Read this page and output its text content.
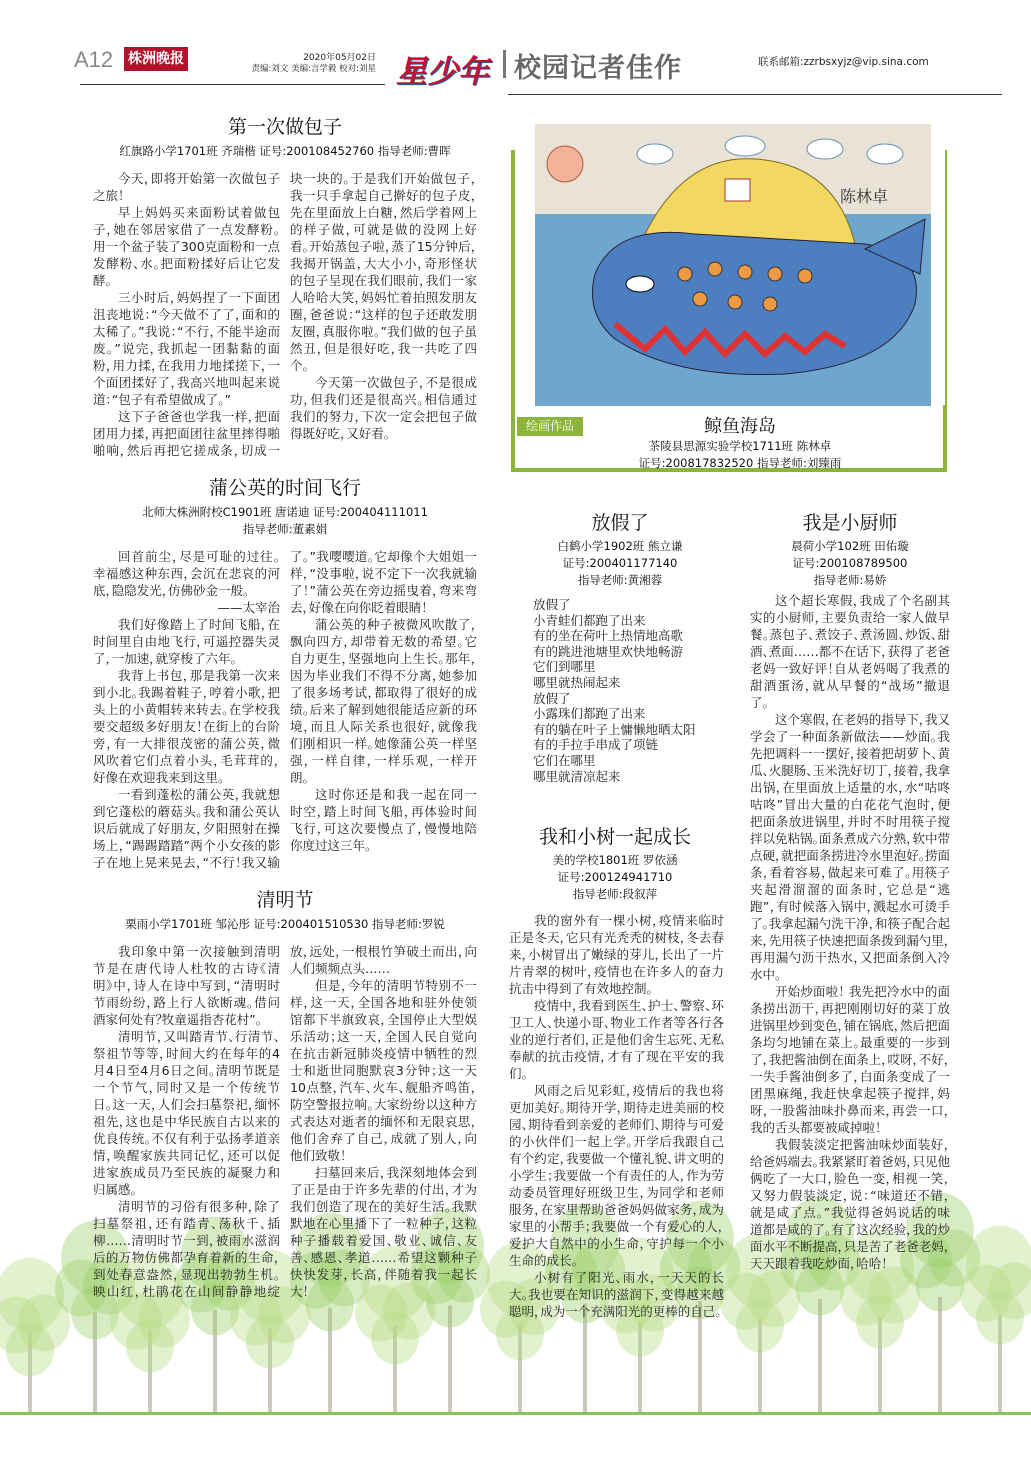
A12 株洲晚报	2020年05月02日
责编:刘文 美编:言学毅 校对:刘星 星少年 校园记者佳作	联系邮箱:zzrbsxyjz@vip.sina.com
第一次做包子
红旗路小学1701班 齐瑞楷 证号:200108452760 指导老师:曹晖

今天，即将开始第一次做包子之旅！

早上妈妈买来面粉试着做包子，她在邻居家借了一点发酵粉。用一个盆子装了300克面粉和一点发酵粉、水。把面粉揉好后让它发酵。

三小时后，妈妈捏了一下面团沮丧地说：“今天做不了了，面和的太稀了。”我说：“不行，不能半途而废。”说完，我抓起一团黏黏的面粉，用力揉，在我用力地揉搓下，一个面团揉好了，我高兴地叫起来说道：“包子有希望做成了。”

这下子爸爸也学我一样，把面团用力揉，再把面团往盆里摔得啪啪响，然后再把它搓成条，切成一块一块的。于是我们开始做包子，我一只手拿起自己擀好的包子皮，先在里面放上白糖，然后学着网上的样子做，可就是做的没网上好看。开始蒸包子啦，蒸了15分钟后，我揭开锅盖，大大小小，奇形怪状的包子呈现在我们眼前，我们一家人哈哈大笑，妈妈忙着拍照发朋友圈，爸爸说：“这样的包子还敢发朋友圈，真服你啦。”我们做的包子虽然丑，但是很好吃，我一共吃了四个。

今天第一次做包子，不是很成功，但我们还是很高兴。相信通过我们的努力，下次一定会把包子做得既好吃，又好看。

蒲公英的时间飞行
北师大株洲附校C1901班 唐诺迪 证号:200404111011
指导老师:董素娟

回首前尘，尽是可耻的过往。幸福感这种东西，会沉在悲哀的河底，隐隐发光，仿佛砂金一般。

——太宰治

我们好像踏上了时间飞船，在时间里自由地飞行，可遥控器失灵了，一加速，就穿梭了六年。

我背上书包，那是我第一次来到小北。我踢着鞋子，哼着小歌，把头上的小黄帽转来转去。在学校我要交超级多好朋友！在街上的台阶旁，有一大排很茂密的蒲公英，微风吹着它们点着小头，毛茸茸的，好像在欢迎我来到这里。

一看到蓬松的蒲公英，我就想到它蓬松的蘑菇头。我和蒲公英认识后就成了好朋友，夕阳照射在操场上，“踢踢踏踏”两个小女孩的影子在地上晃来晃去，“不行！我又输了。”我嘤嘤道。它却像个大姐姐一样，“没事啦，说不定下一次我就输了！”蒲公英在旁边摇曳着，弯来弯去，好像在向你眨着眼睛！

蒲公英的种子被微风吹散了，飘向四方，却带着无数的希望。它自力更生，坚强地向上生长。那年，因为毕业我们不得不分离，她参加了很多场考试，都取得了很好的成绩。后来了解到她很能适应新的环境，而且人际关系也很好，就像我们刚相识一样。她像蒲公英一样坚强，一样自律，一样乐观，一样开朗。

这时你还是和我一起在同一时空，踏上时间飞船，再体验时间飞行，可这次要慢点了，慢慢地陪你度过这三年。

清明节
栗雨小学1701班 邹沁彤 证号:200401510530 指导老师:罗锐

我印象中第一次接触到清明节是在唐代诗人杜牧的古诗《清明》中，诗人在诗中写到，“清明时节雨纷纷，路上行人欲断魂。借问酒家何处有？牧童遥指杏花村”。

清明节，又叫踏青节、行清节、祭祖节等等，时间大约在每年的4月4日至4月6日之间。清明节既是一个节气，同时又是一个传统节日。这一天，人们会扫墓祭祀，缅怀祖先，这也是中华民族自古以来的优良传统。不仅有利于弘扬孝道亲情，唤醒家族共同记忆，还可以促进家族成员乃至民族的凝聚力和归属感。

清明节的习俗有很多种，除了扫墓祭祖，还有踏青、荡秋千、插柳……清明时节一到，被雨水滋润后的万物仿佛都孕育着新的生命，到处春意盎然，显现出勃勃生机。映山红，杜鹃花在山间静静地绽放，远处，一根根竹笋破土而出，向人们频频点头……

但是，今年的清明节特别不一样，这一天，全国各地和驻外使领馆都下半旗致哀，全国停止大型娱乐活动；这一天，全国人民自觉向在抗击新冠肺炎疫情中牺牲的烈士和逝世同胞默哀3分钟；这一天10点整，汽车、火车、舰船齐鸣笛，防空警报拉响。大家纷纷以这种方式表达对逝者的缅怀和无限哀思，他们舍弃了自己，成就了别人，向他们致敬！

扫墓回来后，我深刻地体会到了正是由于许多先辈的付出，才为我们创造了现在的美好生活。我默默地在心里播下了一粒种子，这粒种子播载着爱国、敬业、诚信、友善、感恩、孝道……希望这颗种子快快发芽，长高，伴随着我一起长大！

陈林卓
绘画作品	鲸鱼海岛
茶陵县思源实验学校1711班 陈林卓
证号:200817832520 指导老师:刘臻雨
放假了
白鹤小学1902班 熊立谦
证号:200401177140
指导老师:黄湘蓉
放假了
小青蛙们都跑了出来
有的坐在荷叶上热情地高歌
有的跳进池塘里欢快地畅游
它们到哪里
哪里就热闹起来
放假了
小露珠们都跑了出来
有的躺在叶子上慵懒地晒太阳
有的手拉手串成了项链
它们在哪里
哪里就清凉起来
我和小树一起成长
美的学校1801班 罗依涵
证号:200124941710
指导老师:段叙萍

我的窗外有一棵小树，疫情来临时正是冬天，它只有光秃秃的树枝，冬去春来，小树冒出了嫩绿的芽儿，长出了一片片青翠的树叶，疫情也在许多人的奋力抗击中得到了有效地控制。

疫情中，我看到医生、护士、警察、环卫工人、快递小哥、物业工作者等各行各业的逆行者们，正是他们舍生忘死、无私奉献的抗击疫情，才有了现在平安的我们。

风雨之后见彩虹，疫情后的我也将更加美好。期待开学，期待走进美丽的校园、期待看到亲爱的老师们、期待与可爱的小伙伴们一起上学。开学后我跟自己有个约定，我要做一个懂礼貌、讲文明的小学生；我要做一个有责任的人，作为劳动委员管理好班级卫生，为同学和老师服务，在家里帮助爸爸妈妈做家务，成为家里的小帮手；我要做一个有爱心的人，爱护大自然中的小生命，守护每一个小生命的成长。

小树有了阳光、雨水，一天天的长大。我也要在知识的滋润下，变得越来越聪明，成为一个充满阳光的更棒的自己。

我是小厨师
晨荷小学102班 田佑璇
证号:200108789500
指导老师:易娇

这个超长寒假，我成了个名副其实的小厨师，主要负责给一家人做早餐。蒸包子、煮饺子、煮汤圆、炒饭、甜酒、煮面……都不在话下，获得了老爸老妈一致好评！自从老妈喝了我煮的甜酒蛋汤，就从早餐的“战场”撤退了。

这个寒假，在老妈的指导下，我又学会了一种面条新做法——炒面。我先把调料一一摆好，接着把胡萝卜、黄瓜、火腿肠、玉米洗好切丁，接着，我拿出锅，在里面放上适量的水，水“咕咚咕咚”冒出大量的白花花气泡时，便把面条放进锅里，并时不时用筷子搅拌以免粘锅。面条煮成六分熟，软中带点硬，就把面条捞进冷水里泡好。捞面条，看着容易，做起来可难了。用筷子夹起滑溜溜的面条时，它总是“逃跑”，有时候落入锅中，溅起水可烫手了。我拿起漏勺洗干净，和筷子配合起来，先用筷子快速把面条拨到漏勺里，再用漏勺沥干热水，又把面条倒入冷水中。

开始炒面啦！ 我先把冷水中的面条捞出沥干，再把刚刚切好的菜丁放进锅里炒到变色，铺在锅底，然后把面条均匀地铺在菜上。最重要的一步到了，我把酱油倒在面条上，哎呀，不好，一失手酱油倒多了，白面条变成了一团黑麻绳，我赶快拿起筷子搅拌，妈呀，一股酱油味扑鼻而来，再尝一口，我的舌头都要被咸掉啦！

我假装淡定把酱油味炒面装好，给爸妈端去。我紧紧盯着爸妈，只见他俩吃了一大口，脸色一变，相视一笑，又努力假装淡定，说：“味道还不错，就是咸了点。”我觉得爸妈说话的味道都是咸的了。有了这次经验，我的炒面水平不断提高，只是苦了老爸老妈，天天跟着我吃炒面，哈哈！
